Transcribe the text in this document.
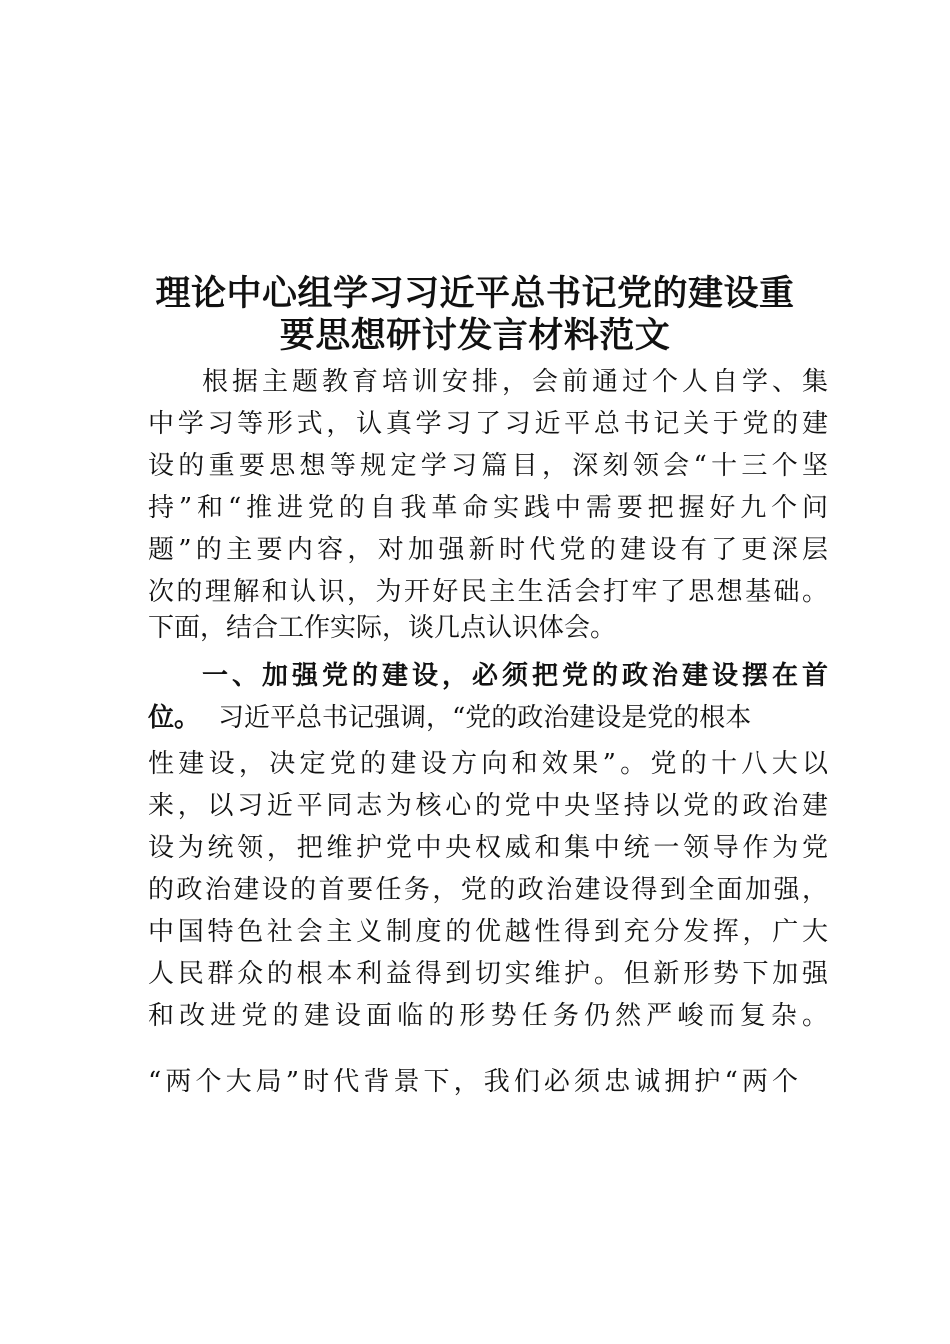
理论中心组学习习近平总书记党的建设重
要思想研讨发言材料范文

根据主题教育培训安排，会前通过个人自学、集

中学习等形式，认真学习了习近平总书记关于党的建

设的重要思想等规定学习篇目，深刻领会“十三个坚

持”和“推进党的自我革命实践中需要把握好九个问

题”的主要内容，对加强新时代党的建设有了更深层

次的理解和认识，为开好民主生活会打牢了思想基础。

下面，结合工作实际，谈几点认识体会。

一、加强党的建设，必须把党的政治建设摆在首

位。 习近平总书记强调，“党的政治建设是党的根本

性建设，决定党的建设方向和效果”。党的十八大以

来，以习近平同志为核心的党中央坚持以党的政治建

设为统领，把维护党中央权威和集中统一领导作为党

的政治建设的首要任务，党的政治建设得到全面加强，

中国特色社会主义制度的优越性得到充分发挥，广大

人民群众的根本利益得到切实维护。但新形势下加强

和改进党的建设面临的形势任务仍然严峻而复杂。

“两个大局”时代背景下，我们必须忠诚拥护“两个
